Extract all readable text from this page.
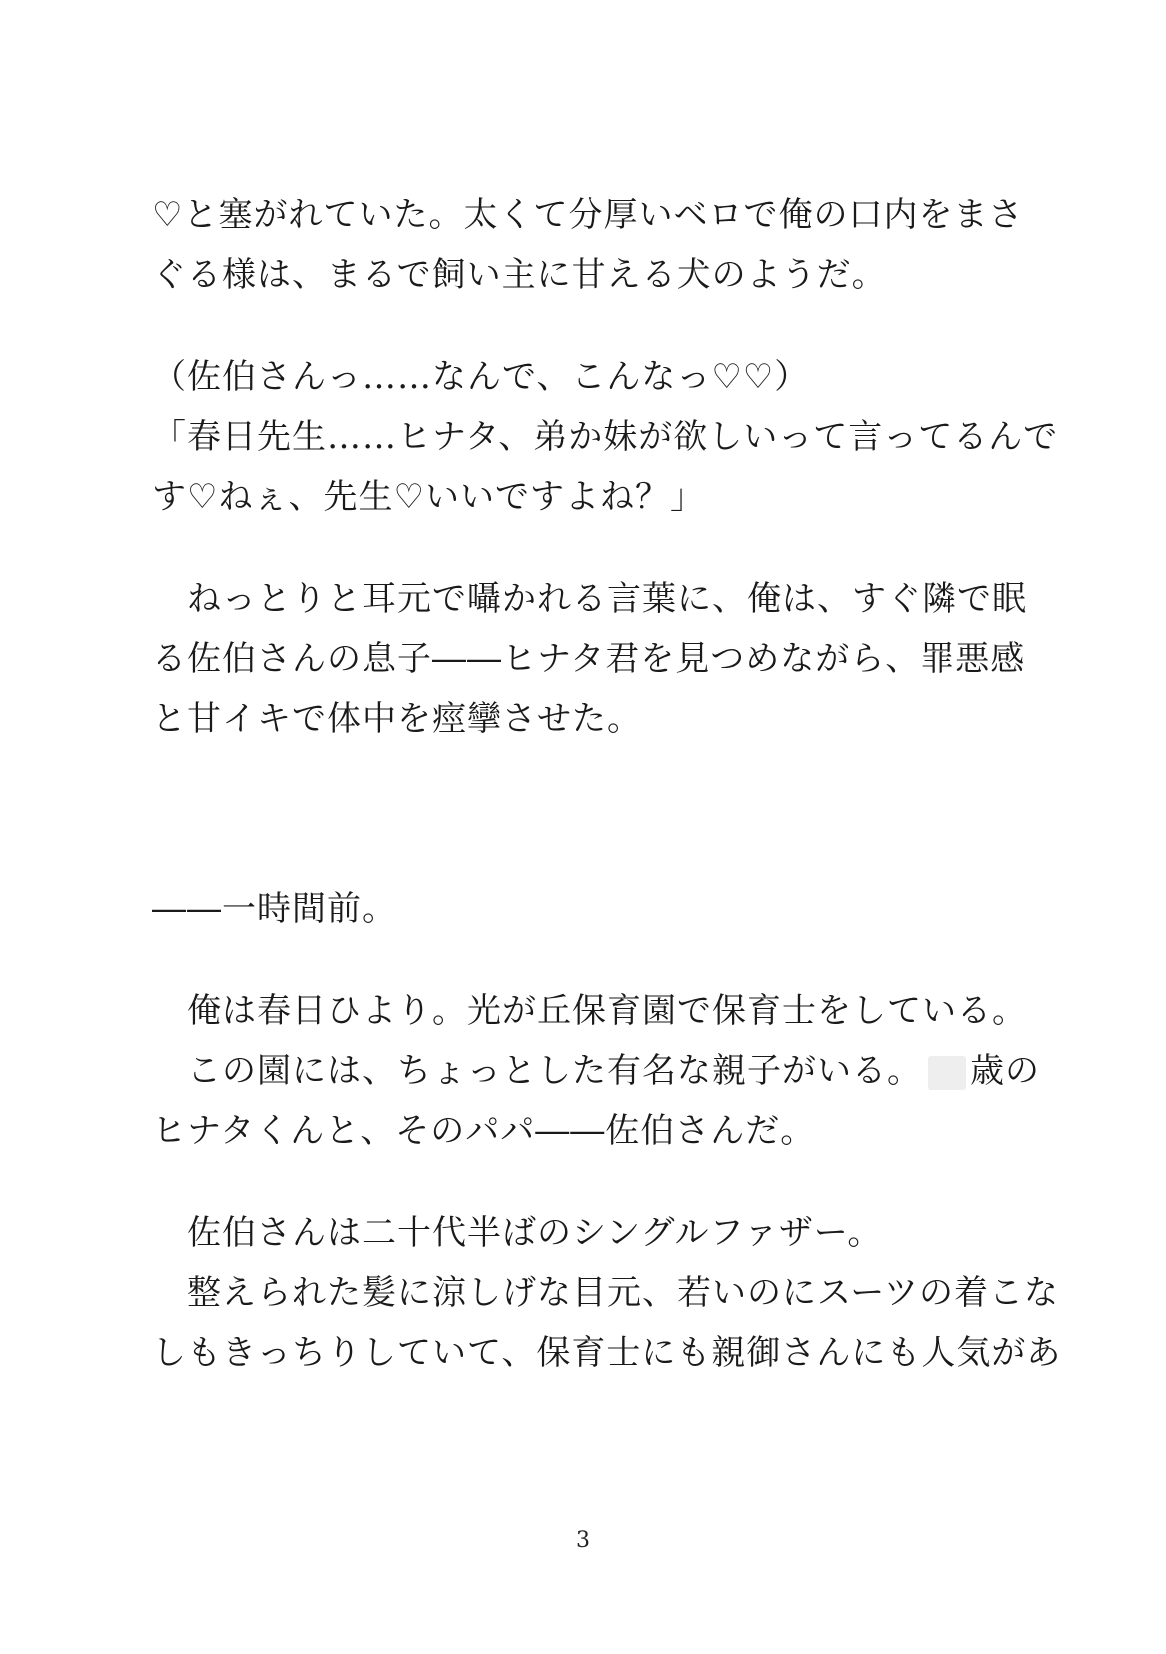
♡と塞がれていた。太くて分厚いベロで俺の口内をまさ
ぐる様は、まるで飼い主に甘える犬のようだ。
（佐伯さんっ……なんで、こんなっ♡♡）
「春日先生……ヒナタ、弟か妹が欲しいって言ってるんで
す♡ねぇ、先生♡いいですよね？」
　ねっとりと耳元で囁かれる言葉に、俺は、すぐ隣で眠
る佐伯さんの息子――ヒナタ君を見つめながら、罪悪感
と甘イキで体中を痙攣させた。
――一時間前。
　俺は春日ひより。光が丘保育園で保育士をしている。
　この園には、ちょっとした有名な親子がいる。 歳の
ヒナタくんと、そのパパ――佐伯さんだ。
　佐伯さんは二十代半ばのシングルファザー。
　整えられた髪に涼しげな目元、若いのにスーツの着こな
しもきっちりしていて、保育士にも親御さんにも人気があ
3
